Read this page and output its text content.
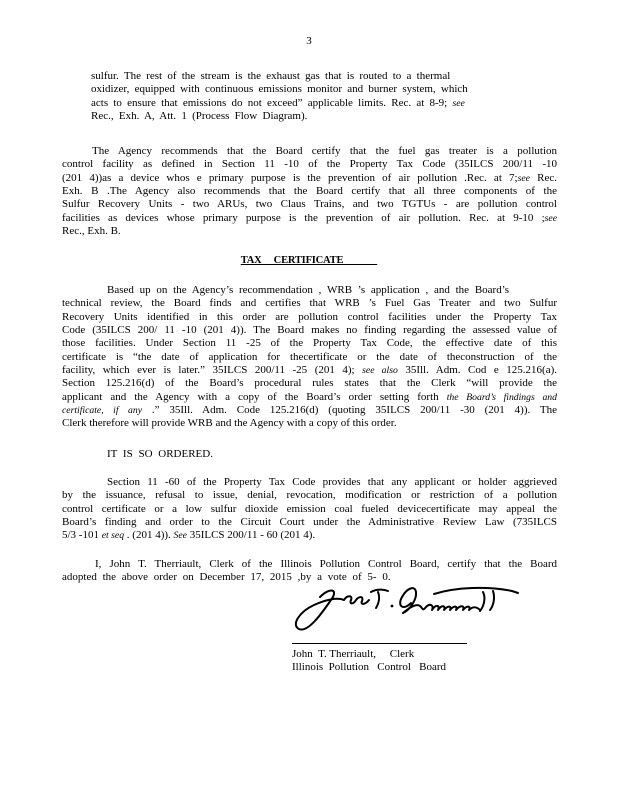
3
sulfur. The rest of the stream is the exhaust gas that is routed to a thermal
oxidizer, equipped with continuous emissions monitor and burner system, which
acts to ensure that emissions do not exceed” applicable limits. Rec. at 8-9; see
Rec., Exh. A, Att. 1 (Process Flow Diagram).
The Agency recommends that the Board certify that the fuel gas treater is a pollution
control facility as defined in Section 11 -10 of the Property Tax Code (35ILCS 200/11 -10
(201 4))as a device whos e primary purpose is the prevention of air pollution .Rec. at 7;see Rec.
Exh. B .The Agency also recommends that the Board certify that all three components of the
Sulfur Recovery Units - two ARUs, two Claus Trains, and two TGTUs - are pollution control
facilities as devices whose primary purpose is the prevention of air pollution. Rec. at 9-10 ;see
Rec., Exh. B.
TAX     CERTIFICATE
Based up on the Agency’s recommendation , WRB ’s application , and the Board’s
technical review, the Board finds and certifies that WRB ’s Fuel Gas Treater and two Sulfur
Recovery Units identified in this order are pollution control facilities under the Property Tax
Code (35ILCS 200/ 11 -10 (201 4)). The Board makes no finding regarding the assessed value of
those facilities. Under Section 11 -25 of the Property Tax Code, the effective date of this
certificate is “the date of application for thecertificate or the date of theconstruction of the
facility, which ever is later.” 35ILCS 200/11 -25 (201 4); see also 35Ill. Adm. Cod e 125.216(a).
Section 125.216(d) of the Board’s procedural rules states that the Clerk “will provide the
applicant and the Agency with a copy of the Board’s order setting forth the Board’s findings and
certificate, if any .” 35Ill. Adm. Code 125.216(d) (quoting 35ILCS 200/11 -30 (201 4)). The
Clerk therefore will provide WRB and the Agency with a copy of this order.
IT IS SO ORDERED.
Section 11 -60 of the Property Tax Code provides that any applicant or holder aggrieved
by the issuance, refusal to issue, denial, revocation, modification or restriction of a pollution
control certificate or a low sulfur dioxide emission coal fueled devicecertificate may appeal the
Board’s finding and order to the Circuit Court under the Administrative Review Law (735ILCS
5/3 -101 et seq . (201 4)). See 35ILCS 200/11 - 60 (201 4).
I, John T. Therriault, Clerk of the Illinois Pollution Control Board, certify that the Board
adopted the above order on December 17, 2015 ,by a vote of 5- 0.
John  T. Therriault,     Clerk
Illinois  Pollution   Control   Board
